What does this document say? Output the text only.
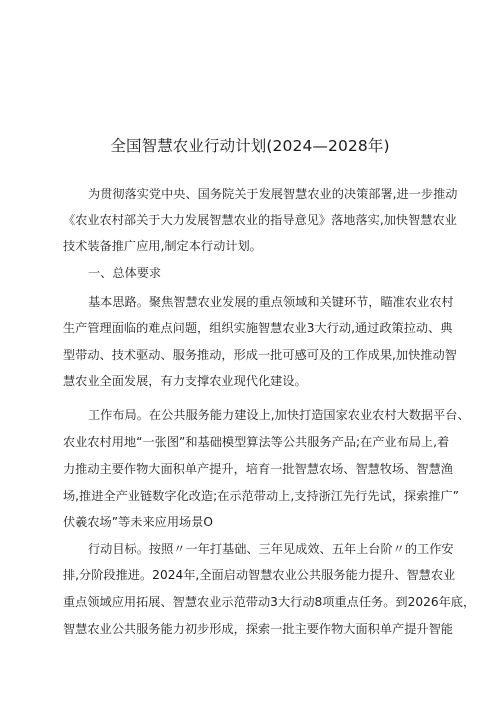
全国智慧农业行动计划(2024—2028年)
为贯彻落实党中央、国务院关于发展智慧农业的决策部署,进一步推动
《农业农村部关于大力发展智慧农业的指导意见》落地落实,加快智慧农业
技术装备推广应用,制定本行动计划。
一、总体要求
基本思路。聚焦智慧农业发展的重点领域和关键环节，瞄准农业农村
生产管理面临的难点问题，组织实施智慧农业3大行动,通过政策拉动、典
型带动、技术驱动、服务推动，形成一批可感可及的工作成果,加快推动智
慧农业全面发展，有力支撑农业现代化建设。
工作布局。在公共服务能力建设上,加快打造国家农业农村大数据平台、
农业农村用地“一张图”和基础模型算法等公共服务产品;在产业布局上,着
力推动主要作物大面积单产提升，培育一批智慧农场、智慧牧场、智慧渔
场,推进全产业链数字化改造;在示范带动上,支持浙江先行先试，探索推广”
伏羲农场”等未来应用场景O
行动目标。按照〃一年打基础、三年见成效、五年上台阶〃的工作安
排,分阶段推进。2024年,全面启动智慧农业公共服务能力提升、智慧农业
重点领域应用拓展、智慧农业示范带动3大行动8项重点任务。到2026年底，
智慧农业公共服务能力初步形成，探索一批主要作物大面积单产提升智能
